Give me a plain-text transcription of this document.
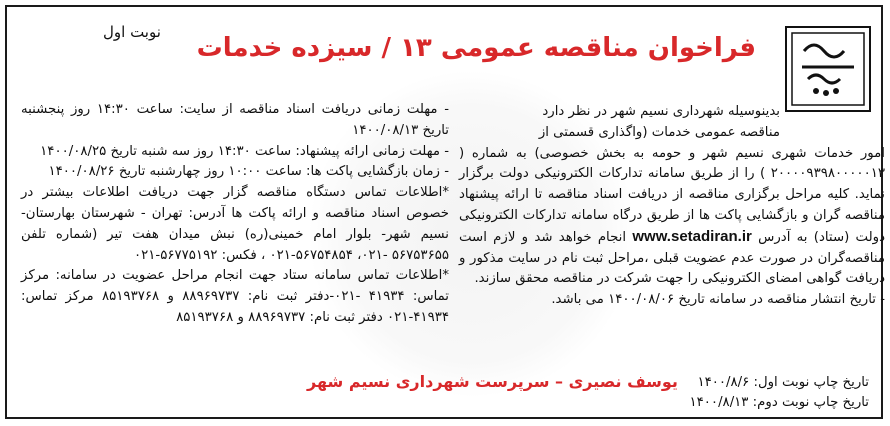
نوبت اول
فراخوان مناقصه عمومی ۱۳ / سیزده خدمات

بدینوسیله شهرداری نسیم شهر در نظر دارد

مناقصه عمومی خدمات (واگذاری قسمتی از

امور خدمات شهری نسیم شهر و حومه به بخش خصوصی) به شماره ( ۲۰۰۰۰۹۳۹۸۰۰۰۰۰۱۳ ) را از طریق سامانه تدارکات الکترونیکی دولت برگزار نماید. کلیه مراحل برگزاری مناقصه از دریافت اسناد مناقصه تا ارائه پیشنهاد مناقصه گران و بازگشایی پاکت ها از طریق درگاه سامانه تدارکات الکترونیکی دولت (ستاد) به آدرس www.setadiran.ir انجام خواهد شد و لازم است مناقصه‌گران در صورت عدم عضویت قبلی ،مراحل ثبت نام در سایت مذکور و دریافت گواهی امضای الکترونیکی را جهت شرکت در مناقصه محقق سازند.

- تاریخ انتشار مناقصه در سامانه تاریخ ۱۴۰۰/۰۸/۰۶ می باشد.

- مهلت زمانی دریافت اسناد مناقصه از سایت: ساعت ۱۴:۳۰ روز پنجشنبه تاریخ ۱۴۰۰/۰۸/۱۳

- مهلت زمانی ارائه پیشنهاد: ساعت ۱۴:۳۰ روز سه شنبه تاریخ ۱۴۰۰/۰۸/۲۵

- زمان بازگشایی پاکت ها: ساعت ۱۰:۰۰ روز چهارشنبه تاریخ ۱۴۰۰/۰۸/۲۶

*اطلاعات تماس دستگاه مناقصه گزار جهت دریافت اطلاعات بیشتر در خصوص اسناد مناقصه و ارائه پاکت ها آدرس: تهران - شهرستان بهارستان- نسیم شهر- بلوار امام خمینی(ره) نبش میدان هفت تیر (شماره تلفن ۵۶۷۵۳۶۵۵ -۰۲۱، ۵۶۷۵۴۸۵۴-۰۲۱ ، فکس: ۵۶۷۷۵۱۹۲-۰۲۱

*اطلاعات تماس سامانه ستاد جهت انجام مراحل عضویت در سامانه: مرکز تماس: ۴۱۹۳۴ -۰۲۱-دفتر ثبت نام: ۸۸۹۶۹۷۳۷ و ۸۵۱۹۳۷۶۸ مرکز تماس: ۴۱۹۳۴-۰۲۱ دفتر ثبت نام: ۸۸۹۶۹۷۳۷ و ۸۵۱۹۳۷۶۸

یوسف نصیری – سرپرست شهرداری نسیم شهر	تاریخ چاپ نوبت اول: ۱۴۰۰/۸/۶
تاریخ چاپ نوبت دوم: ۱۴۰۰/۸/۱۳
